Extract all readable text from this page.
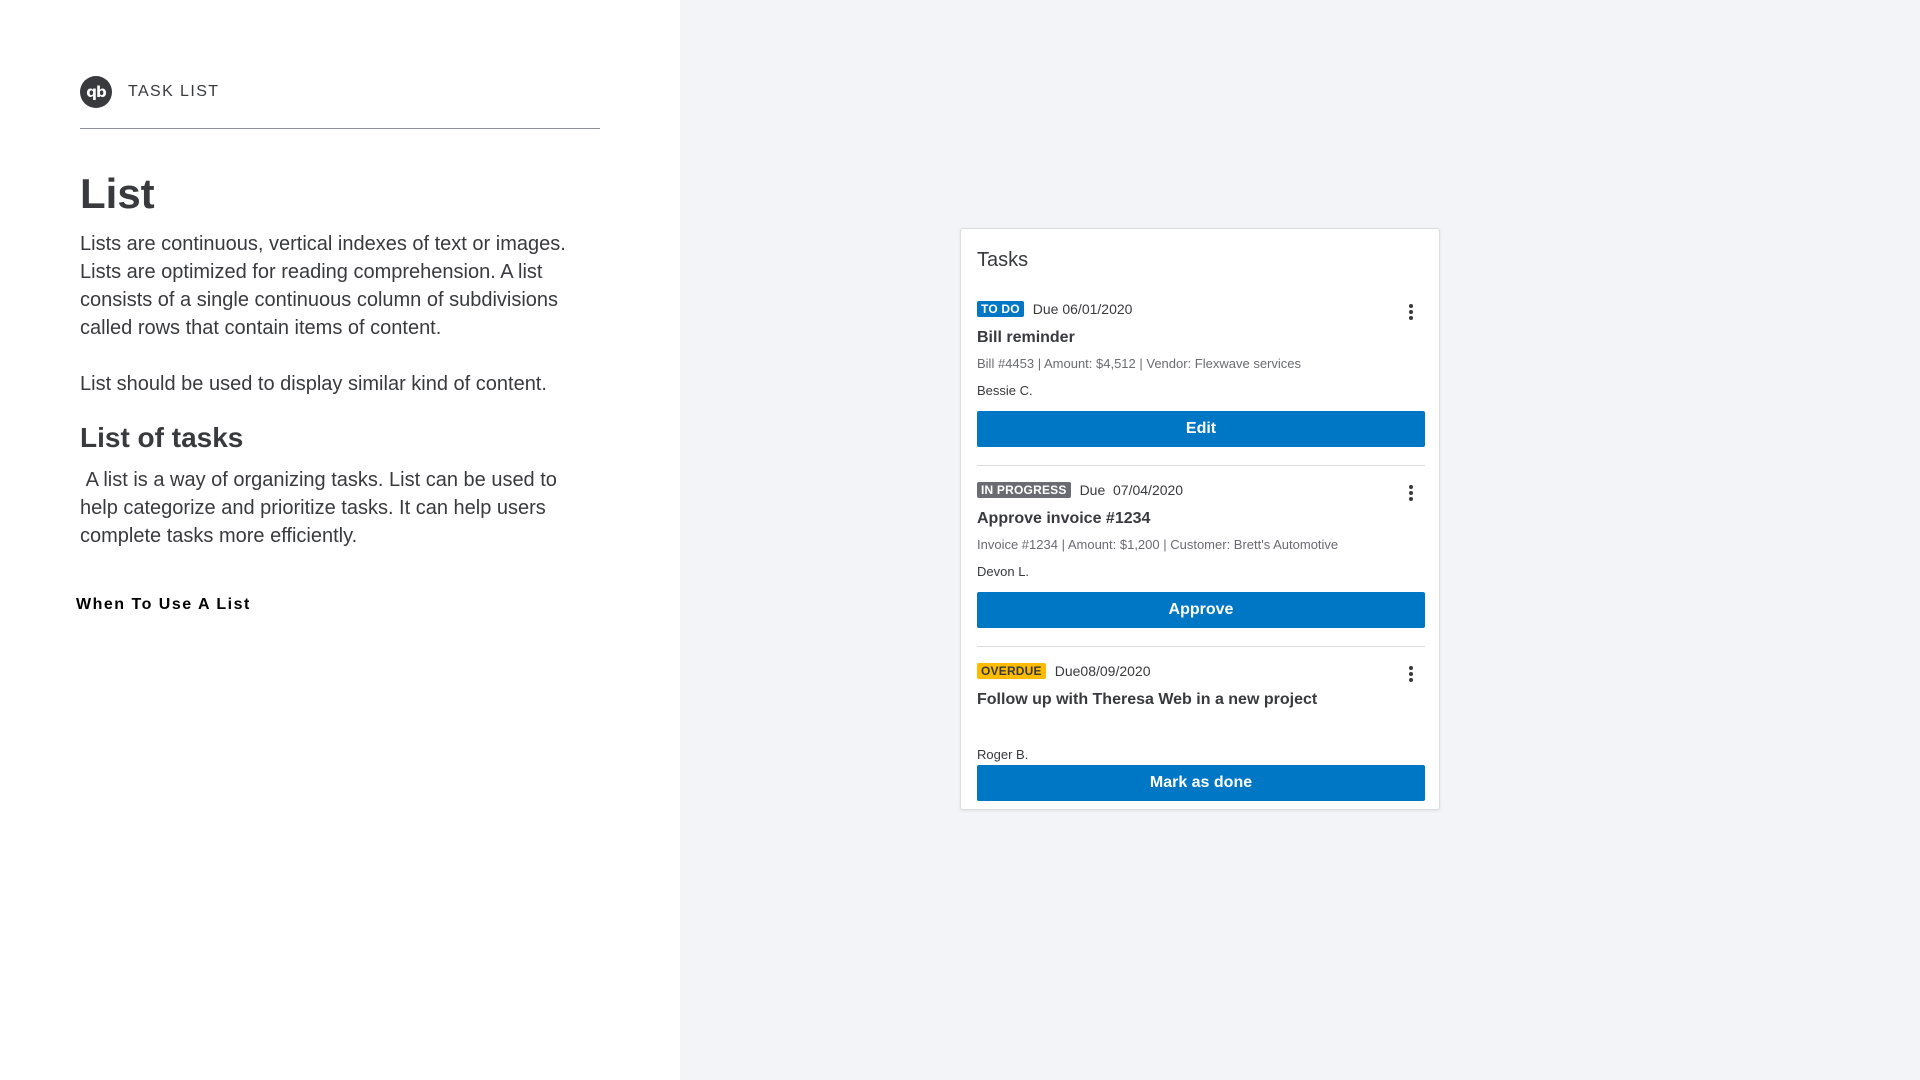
qb	TASK LIST
List

Lists are continuous, vertical indexes of text or images. Lists are optimized for reading comprehension. A list consists of a single continuous column of subdivisions called rows that contain items of content.

List should be used to display similar kind of content.

List of tasks

A list is a way of organizing tasks. List can be used to help categorize and prioritize tasks. It can help users complete tasks more efficiently.

When To Use A List
Tasks
TO DO Due 06/01/2020
Bill reminder
Bill #4453 | Amount: $4,512 | Vendor: Flexwave services
Bessie C.
Edit
IN PROGRESS Due  07/04/2020
Approve invoice #1234
Invoice #1234 | Amount: $1,200 | Customer: Brett's Automotive
Devon L.
Approve
OVERDUE Due08/09/2020
Follow up with Theresa Web in a new project
Roger B.
Mark as done
